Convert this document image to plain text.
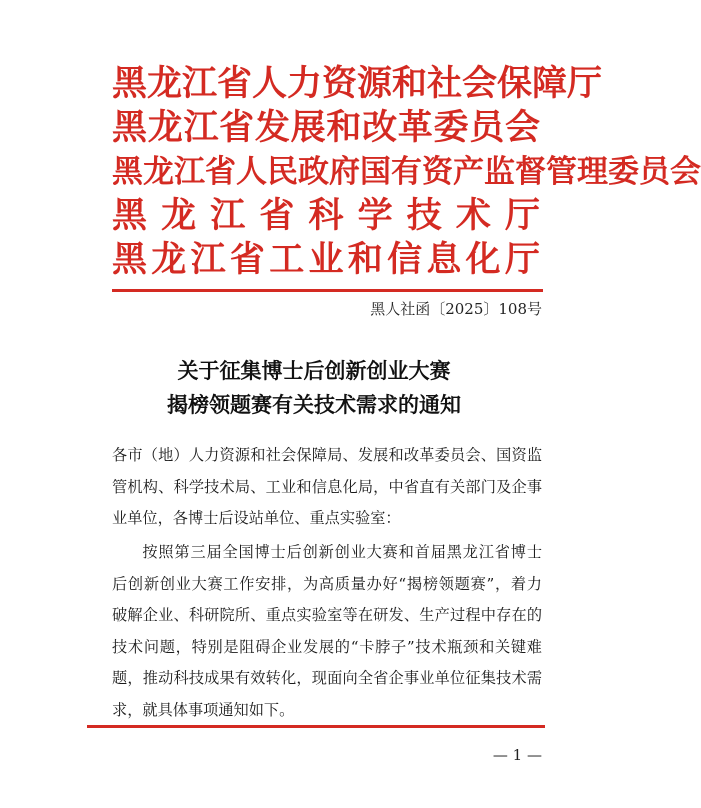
黑龙江省人力资源和社会保障厅
黑龙江省发展和改革委员会
黑龙江省人民政府国有资产监督管理委员会
黑龙江省科学技术厅
黑龙江省工业和信息化厅
黑人社函〔2025〕108号
关于征集博士后创新创业大赛
揭榜领题赛有关技术需求的通知
各市（地）人力资源和社会保障局、发展和改革委员会、国资监
管机构、科学技术局、工业和信息化局，中省直有关部门及企事
业单位，各博士后设站单位、重点实验室：
按照第三届全国博士后创新创业大赛和首届黑龙江省博士
后创新创业大赛工作安排，为高质量办好“揭榜领题赛”，着力
破解企业、科研院所、重点实验室等在研发、生产过程中存在的
技术问题，特别是阻碍企业发展的“卡脖子”技术瓶颈和关键难
题，推动科技成果有效转化，现面向全省企事业单位征集技术需
求，就具体事项通知如下。
— 1 —
